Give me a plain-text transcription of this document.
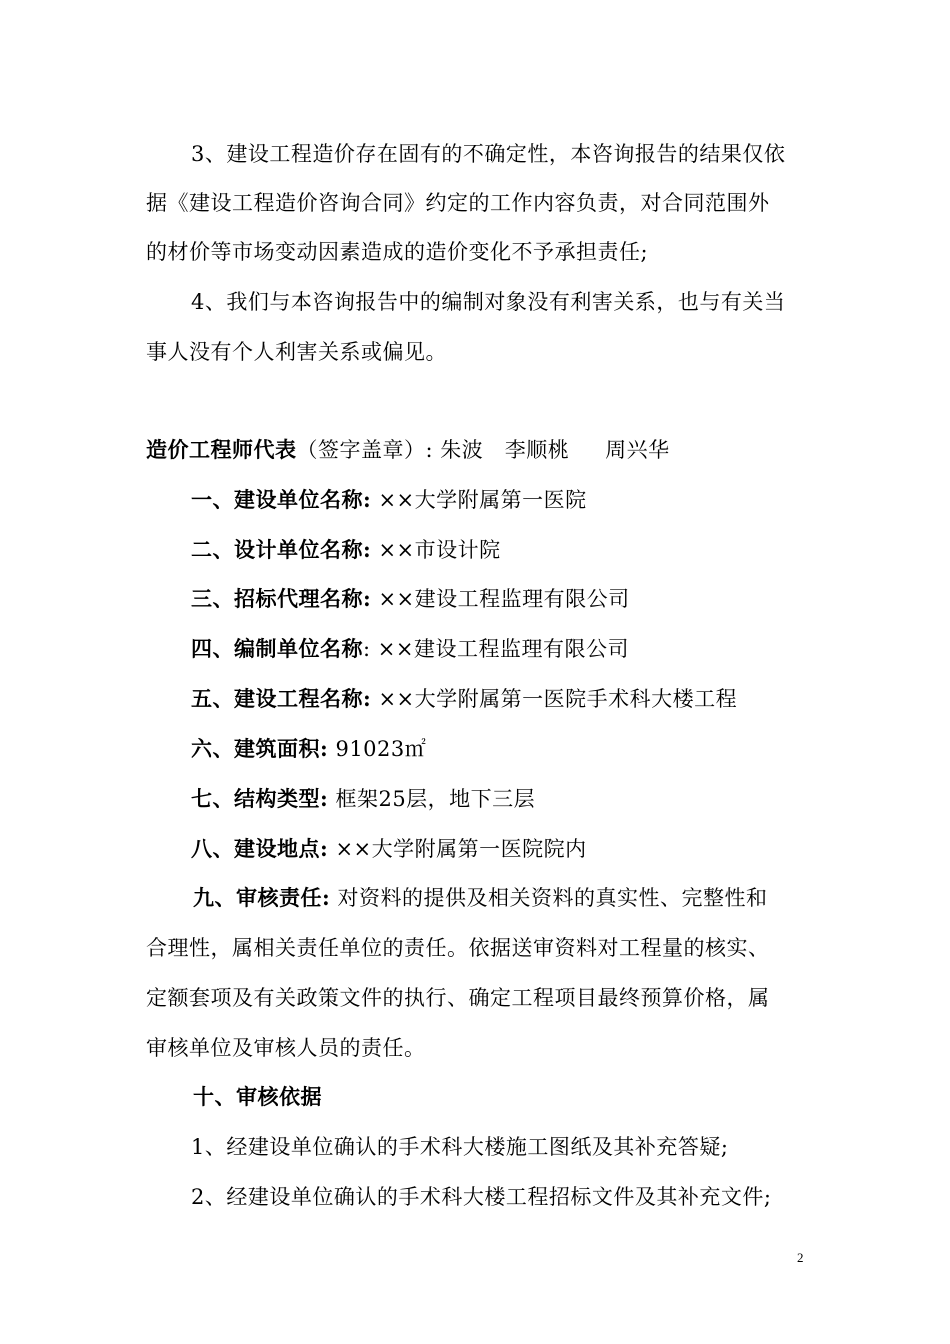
3、建设工程造价存在固有的不确定性，本咨询报告的结果仅依
据《建设工程造价咨询合同》约定的工作内容负责，对合同范围外
的材价等市场变动因素造成的造价变化不予承担责任;
4、我们与本咨询报告中的编制对象没有利害关系，也与有关当
事人没有个人利害关系或偏见。
造价工程师代表（签字盖章）: 朱波   李顺桃     周兴华
一、建设单位名称: ××大学附属第一医院
二、设计单位名称: ××市设计院
三、招标代理名称: ××建设工程监理有限公司
四、编制单位名称: ××建设工程监理有限公司
五、建设工程名称: ××大学附属第一医院手术科大楼工程
六、建筑面积: 91023㎡
七、结构类型: 框架25层，地下三层
八、建设地点: ××大学附属第一医院院内
九、审核责任: 对资料的提供及相关资料的真实性、完整性和
合理性，属相关责任单位的责任。依据送审资料对工程量的核实、
定额套项及有关政策文件的执行、确定工程项目最终预算价格，属
审核单位及审核人员的责任。
十、审核依据
1、经建设单位确认的手术科大楼施工图纸及其补充答疑;
2、经建设单位确认的手术科大楼工程招标文件及其补充文件;
2
